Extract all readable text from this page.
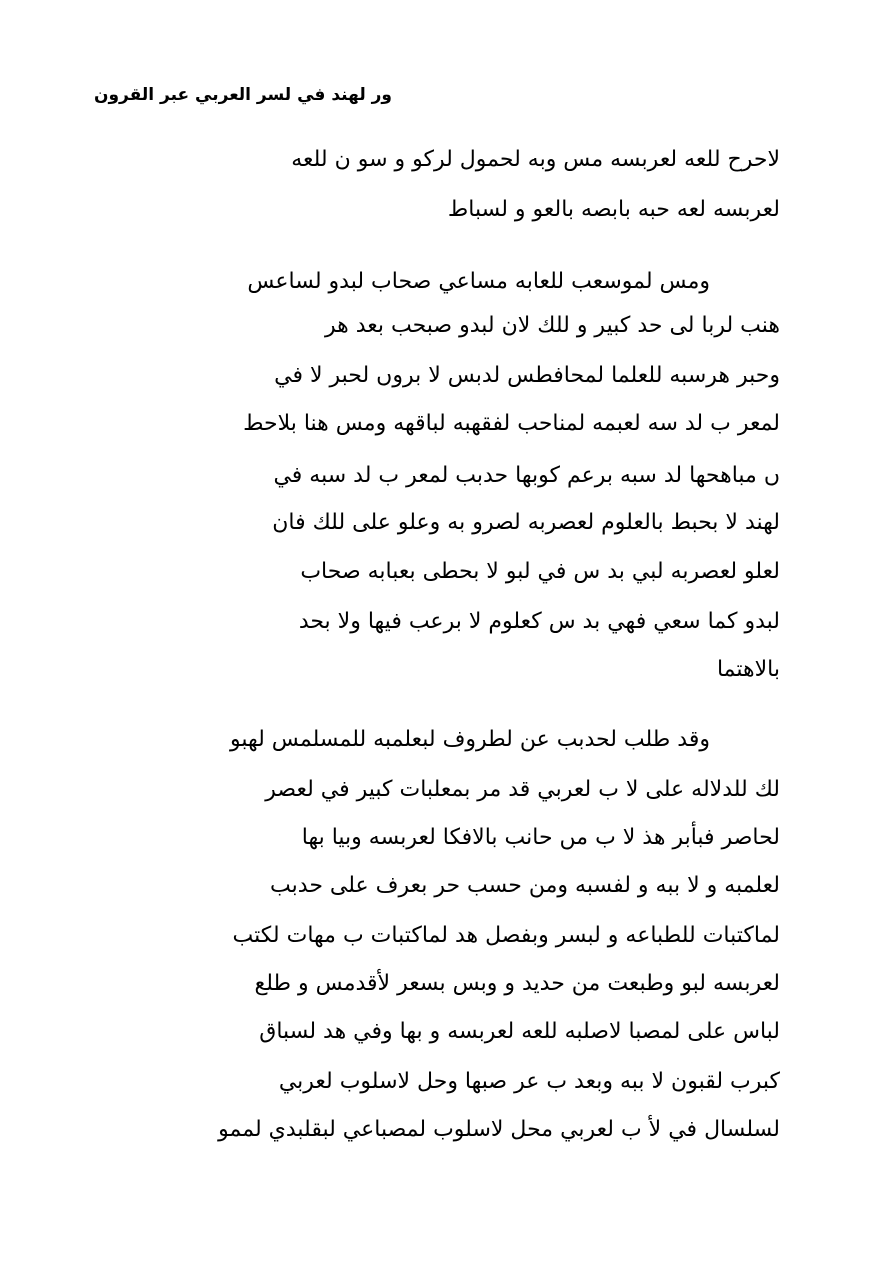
ور لهند في لسر العربي عبر القرون
لاحرح للعه لعربسه مس وبه لحمول لركو و سو ن للعه
لعربسه لعه حبه بابصه بالعو و لسباط
ومس لموسعب للعابه مساعي صحاب لبدو لساعس
هنب لربا لى حد كبير و للك لان لبدو صبحب بعد هر
وحبر هرسبه للعلما لمحافطس لدبس لا بروں لحبر لا في
لمعر ب لد سه لعبمه لمناحب لفقهبه لباقهه ومس هنا بلاحط
ں مباهحها لد سبه برعم كوبها حدبب لمعر ب لد سبه في
لهند لا بحبط بالعلوم لعصربه لصرو به وعلو على للك فان
لعلو لعصربه لبي بد س في لبو لا بحطى بعبابه صحاب
لبدو كما سعي فهي بد س كعلوم لا برعب فيها ولا بحد
بالاهتما
وقد طلب لحدبب عن لطروف لبعلمبه للمسلمس لهبو
لك للدلاله على لا ب لعربي قد مر بمعلبات كبير في لعصر
لحاصر فبأبر هذ لا ب مں حانب بالافكا لعربسه وبيا بها
لعلمبه و لا ببه و لفسبه ومن حسب حر بعرف على حدبب
لماكتبات للطباعه و لبسر وبفصل هد لماكتبات ب مهات لكتب
لعربسه لبو وطبعت من حديد و وبس بسعر لأقدمس و طلع
لباس على لمصبا لاصلبه للعه لعربسه و بها وفي هد لسباق
كبرب لقبون لا ببه وبعد ب عر صبها وحل لاسلوب لعربي
لسلسال في لأ ب لعربي محل لاسلوب لمصباعي لبقلبدي لممو
